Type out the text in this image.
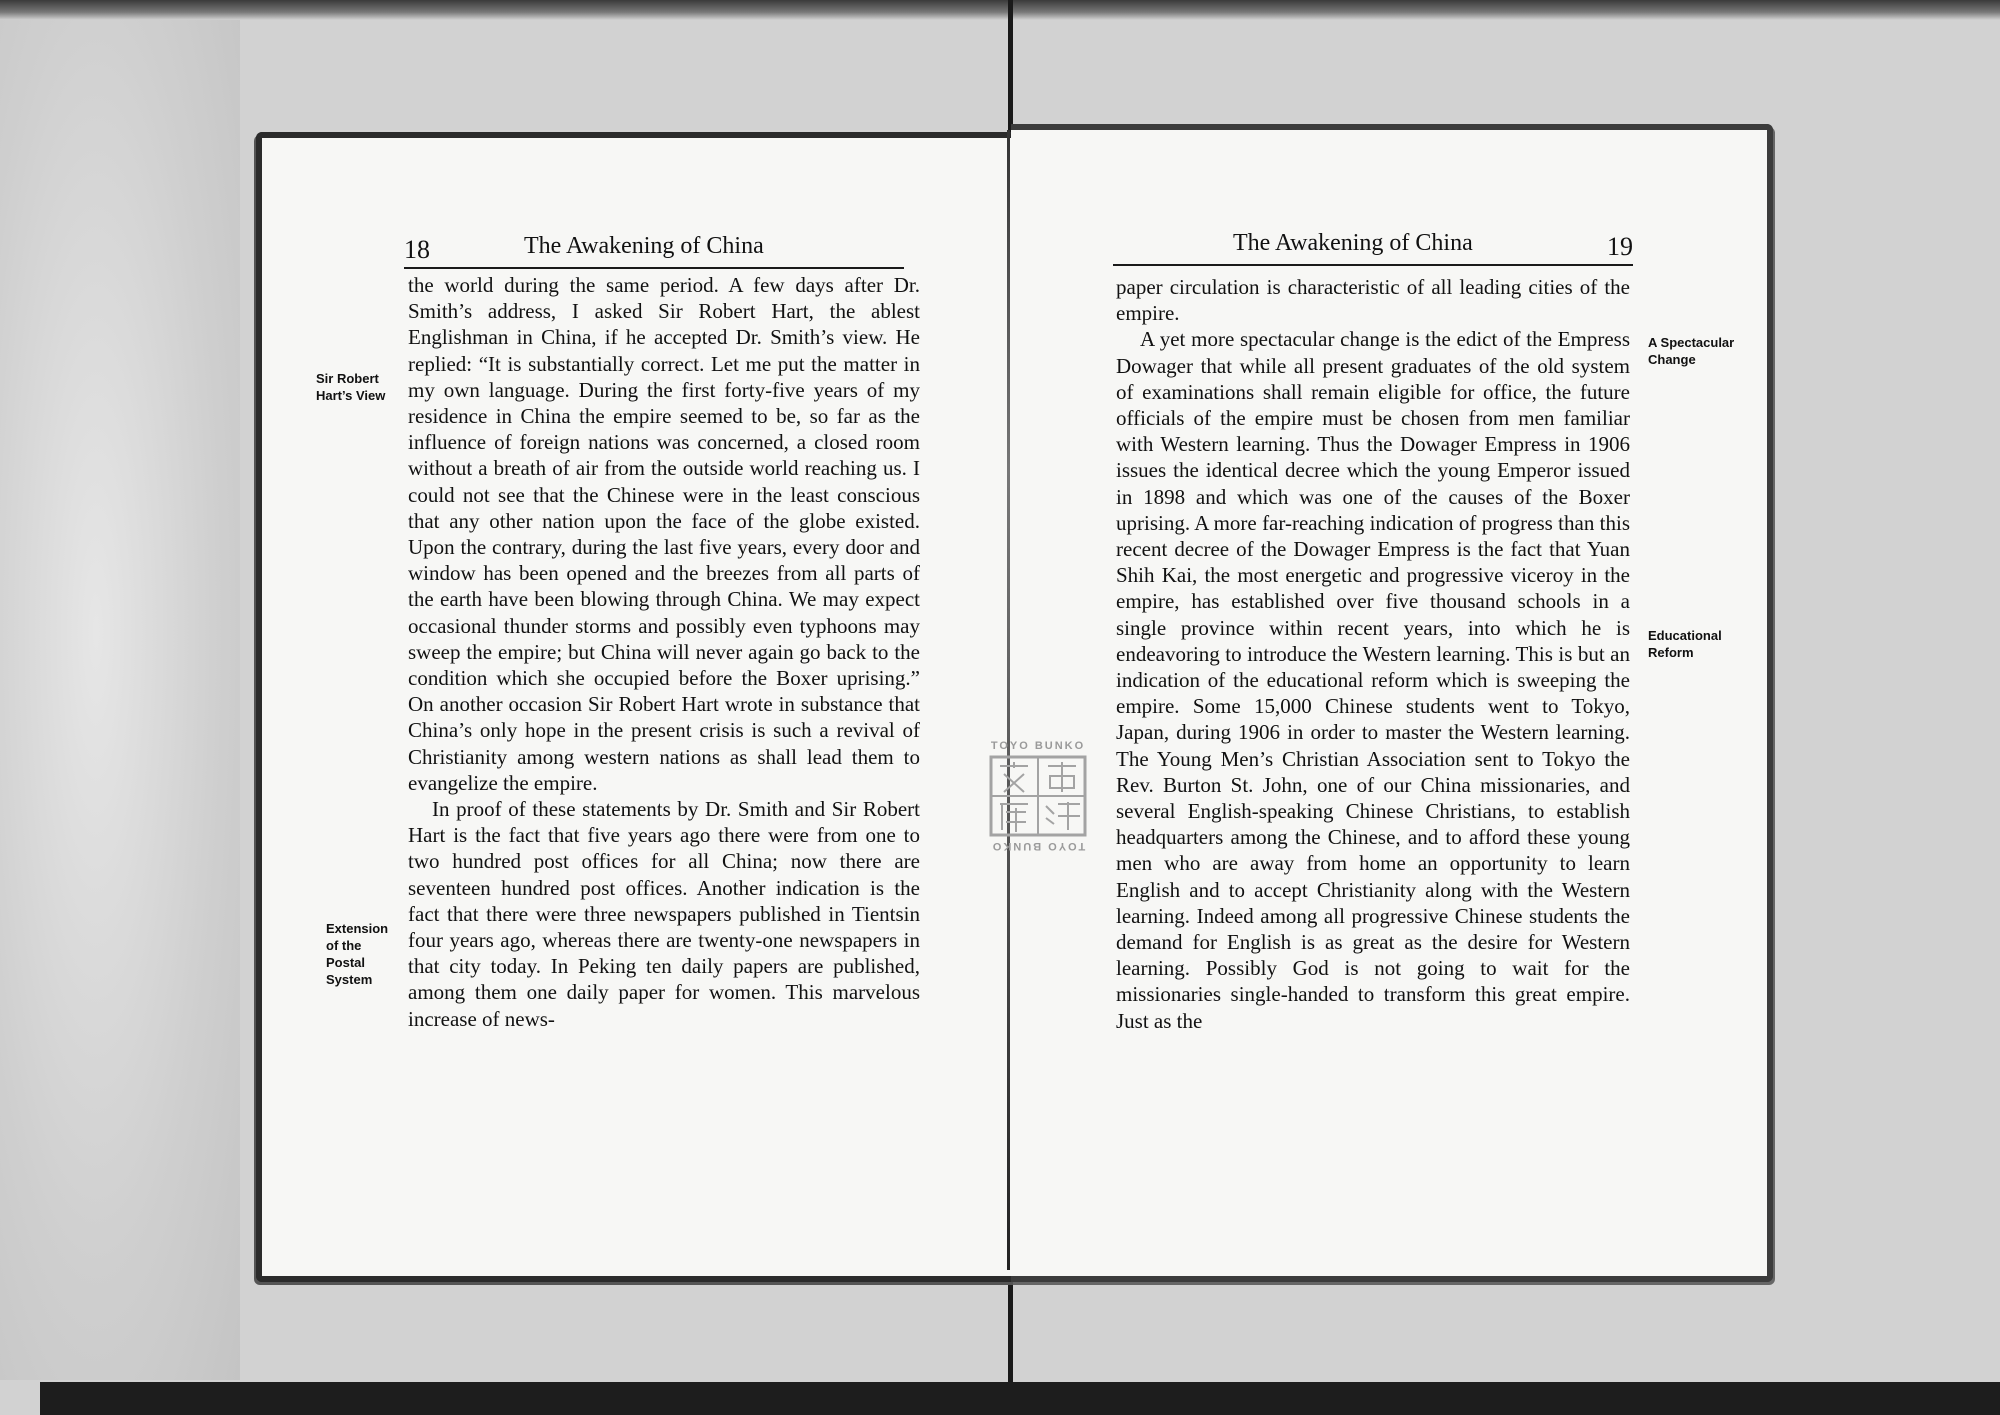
18	The Awakening of China	The Awakening of China	19

the world during the same period. A few days after Dr. Smith’s address, I asked Sir Robert Hart, the ablest Englishman in China, if he accepted Dr. Smith’s view. He replied: “It is substantially correct. Let me put the matter in my own language. During the first forty-five years of my residence in China the empire seemed to be, so far as the influence of foreign nations was concerned, a closed room without a breath of air from the outside world reaching us. I could not see that the Chinese were in the least conscious that any other nation upon the face of the globe existed. Upon the contrary, during the last five years, every door and window has been opened and the breezes from all parts of the earth have been blowing through China. We may expect occasional thunder storms and possibly even typhoons may sweep the empire; but China will never again go back to the condition which she occupied before the Boxer uprising.” On another occasion Sir Robert Hart wrote in substance that China’s only hope in the present crisis is such a revival of Christianity among western nations as shall lead them to evangelize the empire.

In proof of these statements by Dr. Smith and Sir Robert Hart is the fact that five years ago there were from one to two hundred post offices for all China; now there are seventeen hundred post offices. Another indication is the fact that there were three newspapers published in Tientsin four years ago, whereas there are twenty-one newspapers in that city today. In Peking ten daily papers are published, among them one daily paper for women. This marvelous increase of news-

paper circulation is characteristic of all leading cities of the empire.

A yet more spectacular change is the edict of the Empress Dowager that while all present graduates of the old system of examinations shall remain eligible for office, the future officials of the empire must be chosen from men familiar with Western learning. Thus the Dowager Empress in 1906 issues the identical decree which the young Emperor issued in 1898 and which was one of the causes of the Boxer uprising. A more far-reaching indication of progress than this recent decree of the Dowager Empress is the fact that Yuan Shih Kai, the most energetic and progressive viceroy in the empire, has established over five thousand schools in a single province within recent years, into which he is endeavoring to introduce the Western learning. This is but an indication of the educational reform which is sweeping the empire. Some 15,000 Chinese students went to Tokyo, Japan, during 1906 in order to master the Western learning. The Young Men’s Christian Association sent to Tokyo the Rev. Burton St. John, one of our China missionaries, and several English-speaking Chinese Christians, to establish headquarters among the Chinese, and to afford these young men who are away from home an opportunity to learn English and to accept Christianity along with the Western learning. Indeed among all progressive Chinese students the demand for English is as great as the desire for Western learning. Possibly God is not going to wait for the missionaries single-handed to transform this great empire. Just as the

Sir Robert Hart’s View
Extension of the Postal System
A Spectacular Change
Educational Reform
TOYO BUNKO
TOYO BUNKO
